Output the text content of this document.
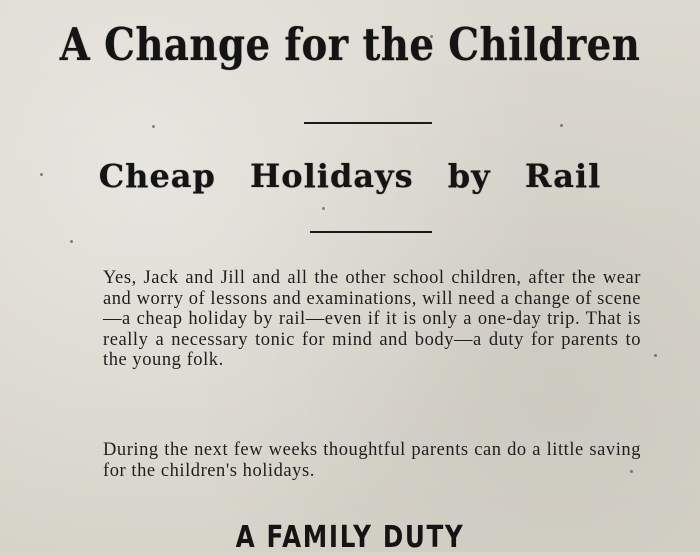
A Change for the Children
Cheap Holidays by Rail

Yes, Jack and Jill and all the other school children, after the wear and worry of lessons and examinations, will need a change of scene—a cheap holiday by rail—even if it is only a one-day trip. That is really a necessary tonic for mind and body—a duty for parents to the young folk.

During the next few weeks thoughtful parents can do a little saving for the children's holidays.

A FAMILY DUTY
